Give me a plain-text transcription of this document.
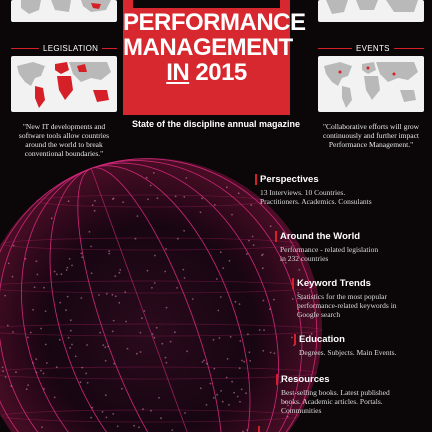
LEGISLATION	EVENTS
PERFORMANCE
MANAGEMENT
IN 2015
State of the discipline annual magazine
"New IT developments and software tools allow countries around the world to break conventional boundaries."
"Collaborative efforts will grow continuously and further impact Performance Management."
Perspectives
13 Interviews. 10 Countries. Practitioners. Academics. Consulants
Around the World
Performance - related legislation in 232 countries
Keyword Trends
Statistics for the most popular performance-related keywords in Google search
Education
Degrees. Subjects. Main Events.
Resources
Best-selling books. Latest published books. Academic articles. Portals. Communities
